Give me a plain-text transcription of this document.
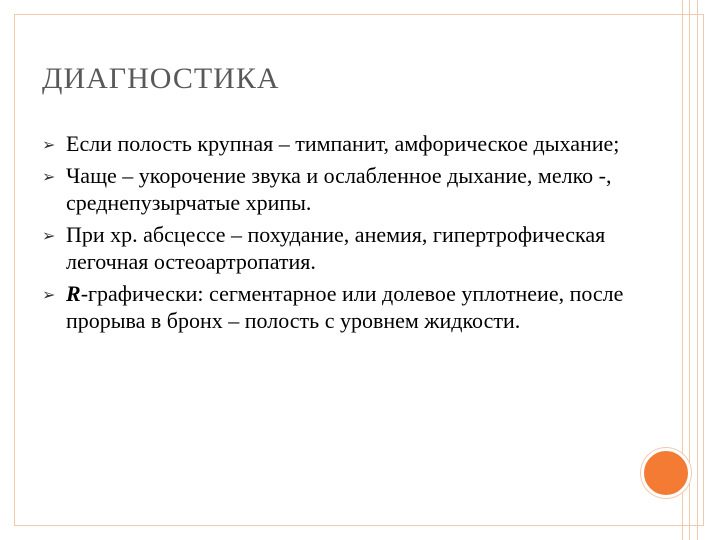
ДИАГНОСТИКА
➢ Если полость крупная – тимпанит, амфорическое дыхание;
➢ Чаще – укорочение звука и ослабленное дыхание, мелко -, среднепузырчатые хрипы.
➢ При хр. абсцессе – похудание, анемия, гипертрофическая легочная остеоартропатия.
➢ R-графически: сегментарное или долевое уплотнеие, после прорыва в бронх – полость с уровнем жидкости.
